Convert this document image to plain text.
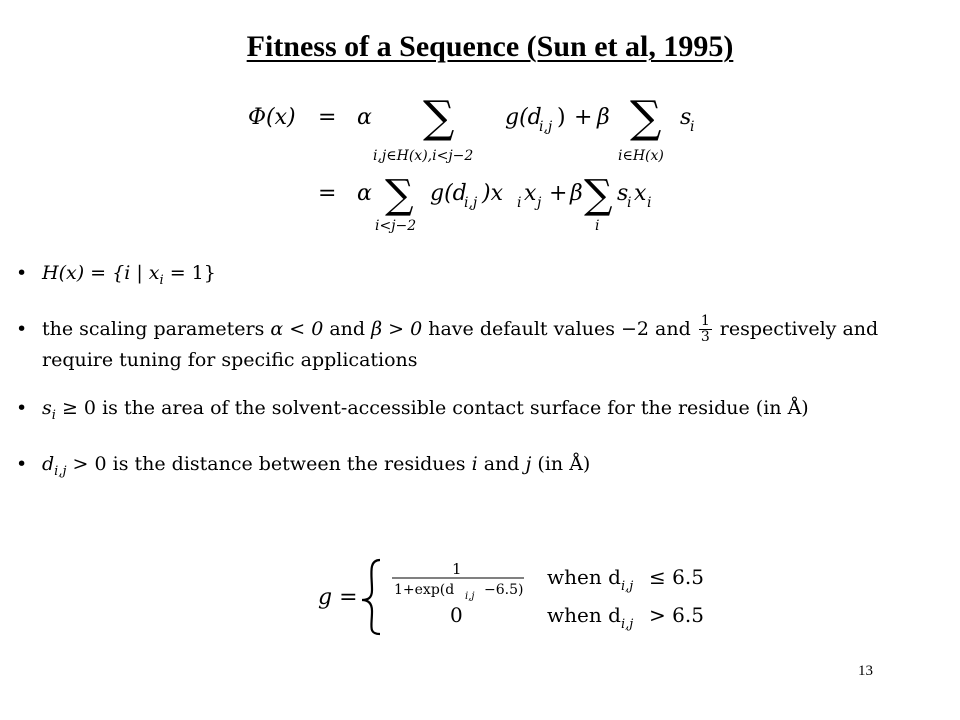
Fitness of a Sequence (Sun et al, 1995)
Φ(x) = α ∑
i,j∈H(x),i<j−2
g(d
i,j ) + β ∑
i∈H(x)
s
i
= α ∑
i<j−2
g(d
i,j )x i x j + β ∑
i
s
i x i
• H(x) = {i | $x_i = 1$}
• the scaling parameters α < 0 and β > 0 have default values −2 and $\frac{1}{3}$ respectively and require tuning for specific applications
• $s_i \ge 0$ is the area of the solvent-accessible contact surface for the residue (in Å)
• $d_{i,j} > 0$ is the distance between the residues i and j (in Å)
g =
1
1+exp(d i,j −6.5)
when d i,j ≤ 6.5
0	when d i,j > 6.5
13
